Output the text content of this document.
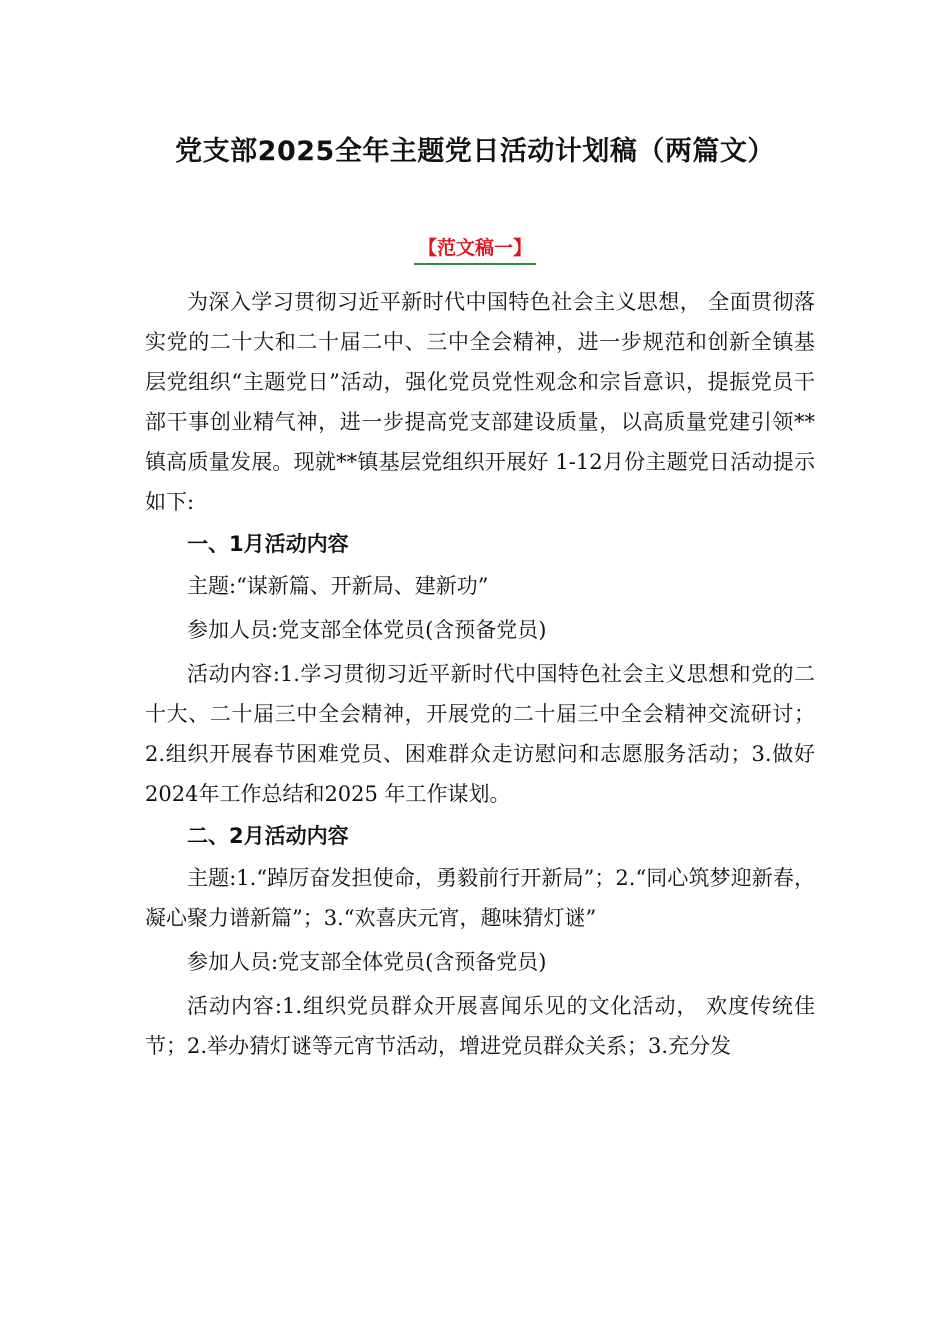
党支部2025全年主题党日活动计划稿（两篇文）
【范文稿一】

为深入学习贯彻习近平新时代中国特色社会主义思想， 全面贯彻落实党的二十大和二十届二中、三中全会精神，进一步规范和创新全镇基层党组织“主题党日”活动，强化党员党性观念和宗旨意识，提振党员干部干事创业精气神，进一步提高党支部建设质量，以高质量党建引领**镇高质量发展。现就**镇基层党组织开展好 1-12月份主题党日活动提示如下:

一、1月活动内容

主题:“谋新篇、开新局、建新功”

参加人员:党支部全体党员(含预备党员)

活动内容:1.学习贯彻习近平新时代中国特色社会主义思想和党的二十大、二十届三中全会精神，开展党的二十届三中全会精神交流研讨；2.组织开展春节困难党员、困难群众走访慰问和志愿服务活动；3.做好2024年工作总结和2025 年工作谋划。

二、2月活动内容

主题:1.“踔厉奋发担使命，勇毅前行开新局”；2.“同心筑梦迎新春，凝心聚力谱新篇”；3.“欢喜庆元宵，趣味猜灯谜”

参加人员:党支部全体党员(含预备党员)

活动内容:1.组织党员群众开展喜闻乐见的文化活动， 欢度传统佳节；2.举办猜灯谜等元宵节活动，增进党员群众关系；3.充分发
